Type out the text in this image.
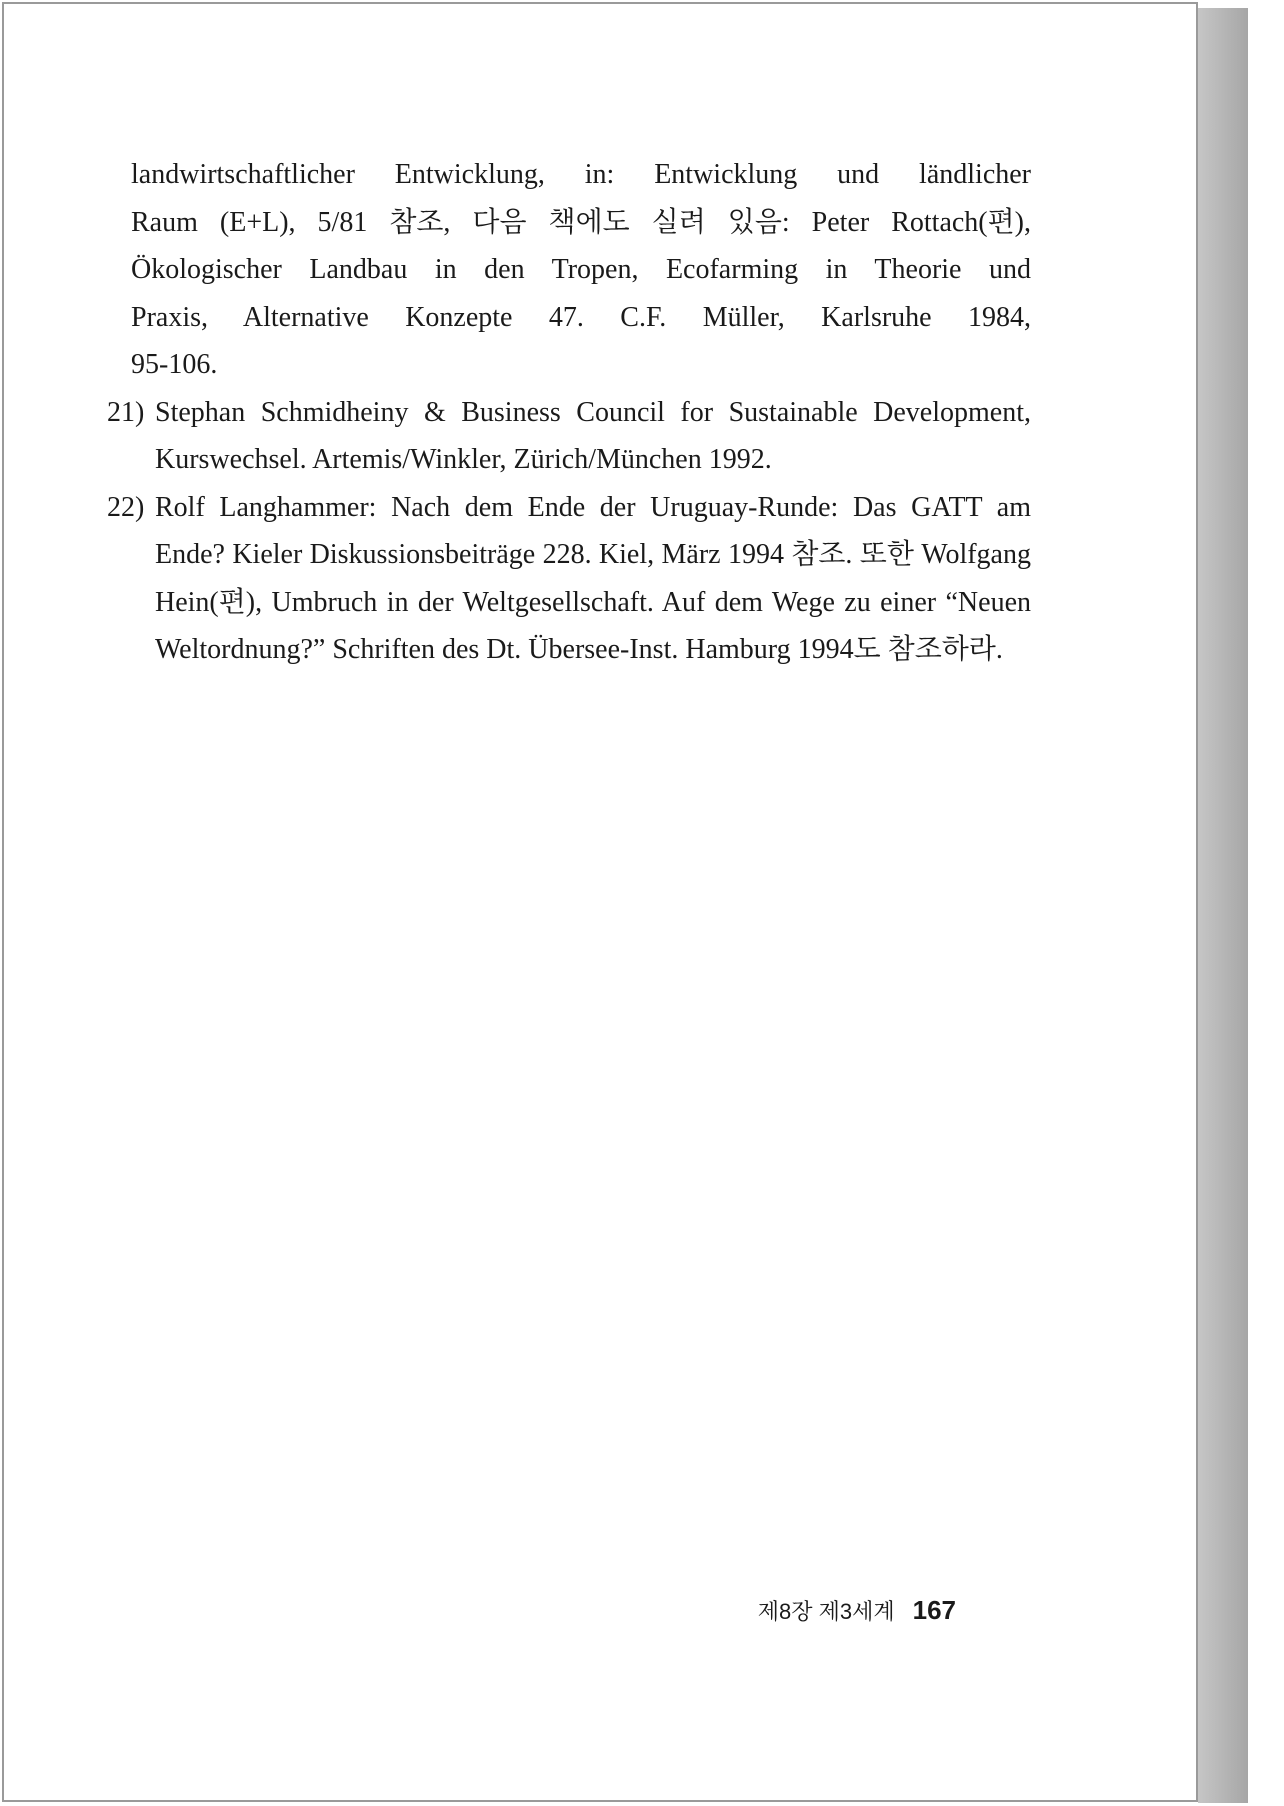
landwirtschaftlicher Entwicklung, in: Entwicklung und ländlicher

Raum (E+L), 5/81 참조, 다음 책에도 실려 있음: Peter Rottach(편),

Ökologischer Landbau in den Tropen, Ecofarming in Theorie und

Praxis, Alternative Konzepte 47. C.F. Müller, Karlsruhe 1984,

95-106.

21) Stephan Schmidheiny & Business Council for Sustainable Development, Kurswechsel. Artemis/Winkler, Zürich/München 1992.

22) Rolf Langhammer: Nach dem Ende der Uruguay-Runde: Das GATT am Ende? Kieler Diskussionsbeiträge 228. Kiel, März 1994 참조. 또한 Wolfgang Hein(편), Umbruch in der Weltgesellschaft. Auf dem Wege zu einer “Neuen Weltordnung?” Schriften des Dt. Übersee-Inst. Hamburg 1994도 참조하라.

제8장 제3세계 167
